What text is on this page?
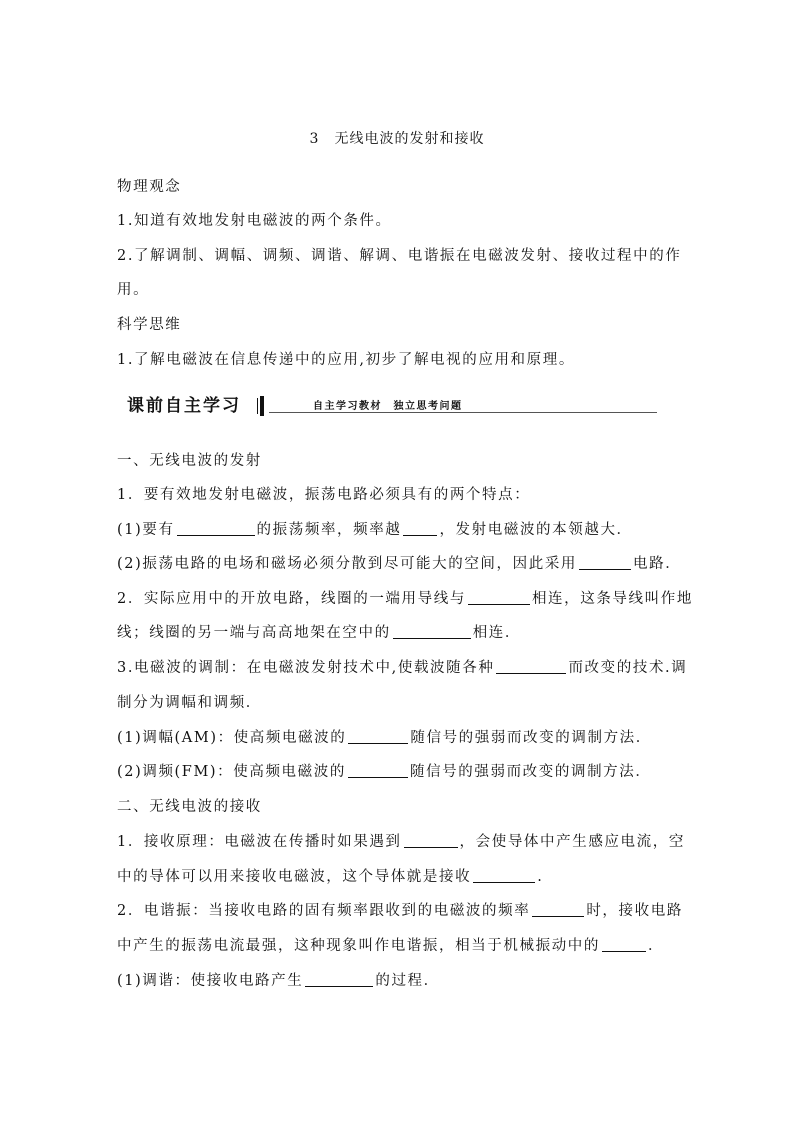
3　无线电波的发射和接收
物理观念
1.知道有效地发射电磁波的两个条件。
2.了解调制、调幅、调频、调谐、解调、电谐振在电磁波发射、接收过程中的作
用。
科学思维
1.了解电磁波在信息传递中的应用,初步了解电视的应用和原理。
课前自主学习	自主学习教材　独立思考问题
一、无线电波的发射
1．要有效地发射电磁波，振荡电路必须具有的两个特点：
(1)要有	的振荡频率，频率越	，发射电磁波的本领越大．
(2)振荡电路的电场和磁场必须分散到尽可能大的空间，因此采用	电路．
2．实际应用中的开放电路，线圈的一端用导线与	相连，这条导线叫作地
线；线圈的另一端与高高地架在空中的	相连．
3.电磁波的调制：在电磁波发射技术中,使载波随各种	而改变的技术.调
制分为调幅和调频．
(1)调幅(AM)：使高频电磁波的	随信号的强弱而改变的调制方法．
(2)调频(FM)：使高频电磁波的	随信号的强弱而改变的调制方法．
二、无线电波的接收
1．接收原理：电磁波在传播时如果遇到	，会使导体中产生感应电流，空
中的导体可以用来接收电磁波，这个导体就是接收	.
2．电谐振：当接收电路的固有频率跟收到的电磁波的频率	时，接收电路
中产生的振荡电流最强，这种现象叫作电谐振，相当于机械振动中的	．
(1)调谐：使接收电路产生	的过程．
